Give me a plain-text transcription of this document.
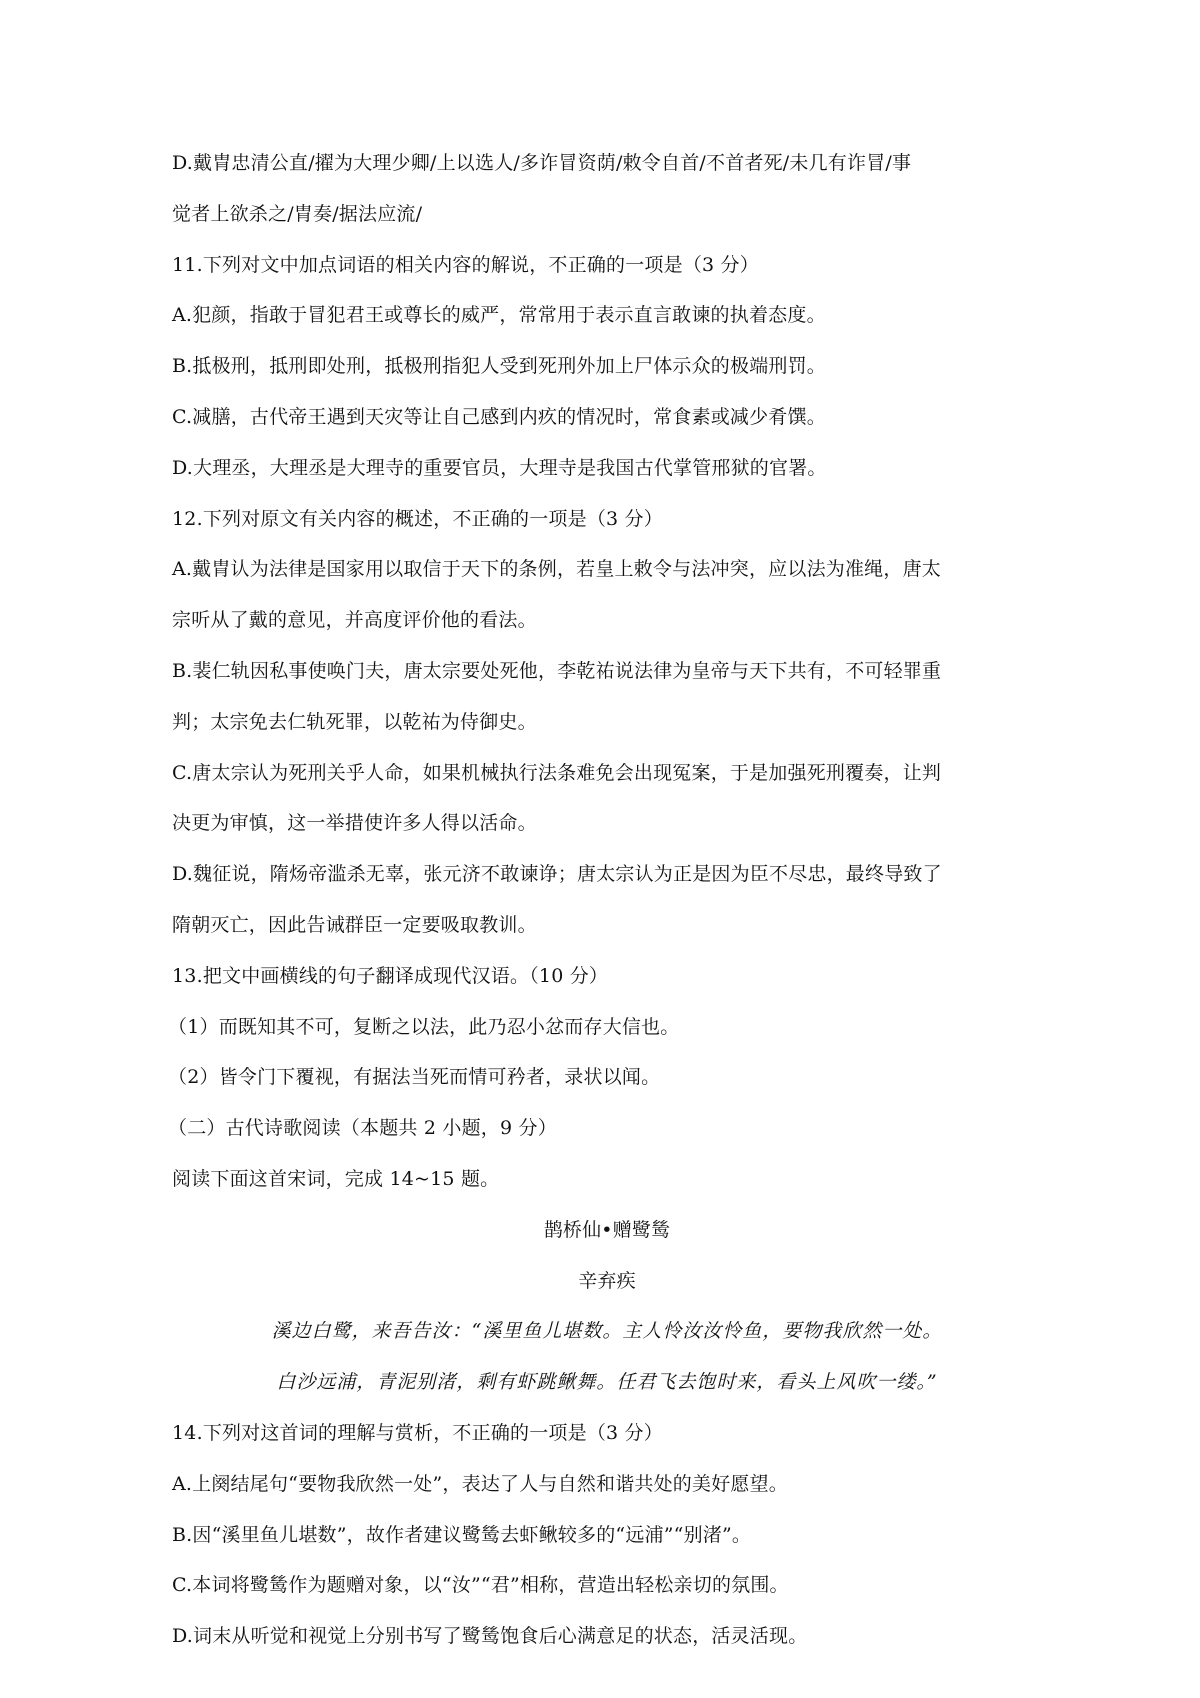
D.戴胄忠清公直/擢为大理少卿/上以选人/多诈冒资荫/敕令自首/不首者死/未几有诈冒/事
觉者上欲杀之/胄奏/据法应流/
11.下列对文中加点词语的相关内容的解说，不正确的一项是（3 分）
A.犯颜，指敢于冒犯君王或尊长的威严，常常用于表示直言敢谏的执着态度。
B.抵极刑，抵刑即处刑，抵极刑指犯人受到死刑外加上尸体示众的极端刑罚。
C.减膳，古代帝王遇到天灾等让自己感到内疚的情况时，常食素或减少肴馔。
D.大理丞，大理丞是大理寺的重要官员，大理寺是我国古代掌管邢狱的官署。
12.下列对原文有关内容的概述，不正确的一项是（3 分）
A.戴胄认为法律是国家用以取信于天下的条例，若皇上敕令与法冲突，应以法为准绳，唐太
宗听从了戴的意见，并高度评价他的看法。
B.裴仁轨因私事使唤门夫，唐太宗要处死他，李乾祐说法律为皇帝与天下共有，不可轻罪重
判；太宗免去仁轨死罪，以乾祐为侍御史。
C.唐太宗认为死刑关乎人命，如果机械执行法条难免会出现冤案，于是加强死刑覆奏，让判
决更为审慎，这一举措使许多人得以活命。
D.魏征说，隋炀帝滥杀无辜，张元济不敢谏诤；唐太宗认为正是因为臣不尽忠，最终导致了
隋朝灭亡，因此告诫群臣一定要吸取教训。
13.把文中画横线的句子翻译成现代汉语。（10 分）
（1）而既知其不可，复断之以法，此乃忍小忿而存大信也。
（2）皆令门下覆视，有据法当死而情可矜者，录状以闻。
（二）古代诗歌阅读（本题共 2 小题，9 分）
阅读下面这首宋词，完成 14~15 题。
鹊桥仙•赠鹭鸶
辛弃疾
溪边白鹭，来吾告汝：“溪里鱼儿堪数。主人怜汝汝怜鱼，要物我欣然一处。
白沙远浦，青泥别渚，剩有虾跳鳅舞。任君飞去饱时来，看头上风吹一缕。”
14.下列对这首词的理解与赏析，不正确的一项是（3 分）
A.上阕结尾句“要物我欣然一处”，表达了人与自然和谐共处的美好愿望。
B.因“溪里鱼儿堪数”，故作者建议鹭鸶去虾鳅较多的“远浦”“别渚”。
C.本词将鹭鸶作为题赠对象，以“汝”“君”相称，营造出轻松亲切的氛围。
D.词末从听觉和视觉上分别书写了鹭鸶饱食后心满意足的状态，活灵活现。
